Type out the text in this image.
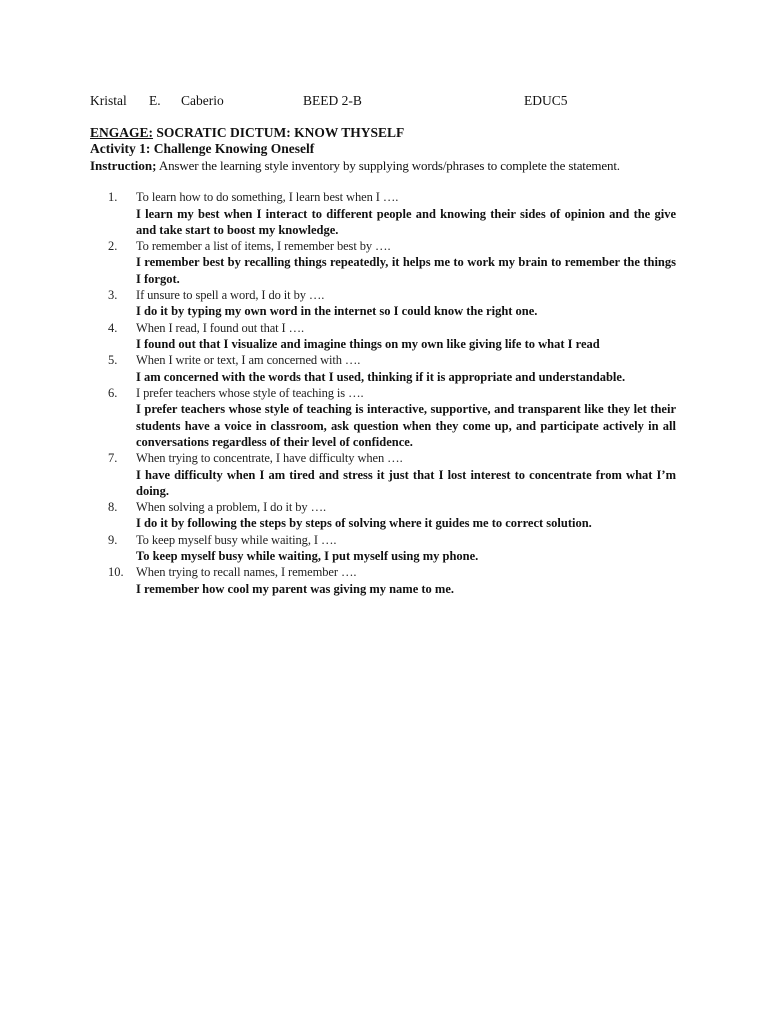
Kristal E. Caberio	BEED 2-B	EDUC5
ENGAGE: SOCRATIC DICTUM: KNOW THYSELF
Activity 1: Challenge Knowing Oneself
Instruction; Answer the learning style inventory by supplying words/phrases to complete the statement.
1.	To learn how to do something, I learn best when I ….
I learn my best when I interact to different people and knowing their sides of opinion and the give and take start to boost my knowledge.
2.	To remember a list of items, I remember best by ….
I remember best by recalling things repeatedly, it helps me to work my brain to remember the things I forgot.
3.	If unsure to spell a word, I do it by ….
I do it by typing my own word in the internet so I could know the right one.
4.	When I read, I found out that I ….
I found out that I visualize and imagine things on my own like giving life to what I read
5.	When I write or text, I am concerned with ….
I am concerned with the words that I used, thinking if it is appropriate and understandable.
6.	I prefer teachers whose style of teaching is ….
I prefer teachers whose style of teaching is interactive, supportive, and transparent like they let their students have a voice in classroom, ask question when they come up, and participate actively in all conversations regardless of their level of confidence.
7.	When trying to concentrate, I have difficulty when ….
I have difficulty when I am tired and stress it just that I lost interest to concentrate from what I’m doing.
8.	When solving a problem, I do it by ….
I do it by following the steps by steps of solving where it guides me to correct solution.
9.	To keep myself busy while waiting, I ….
To keep myself busy while waiting, I put myself using my phone.
10. When trying to recall names, I remember ….
I remember how cool my parent was giving my name to me.
